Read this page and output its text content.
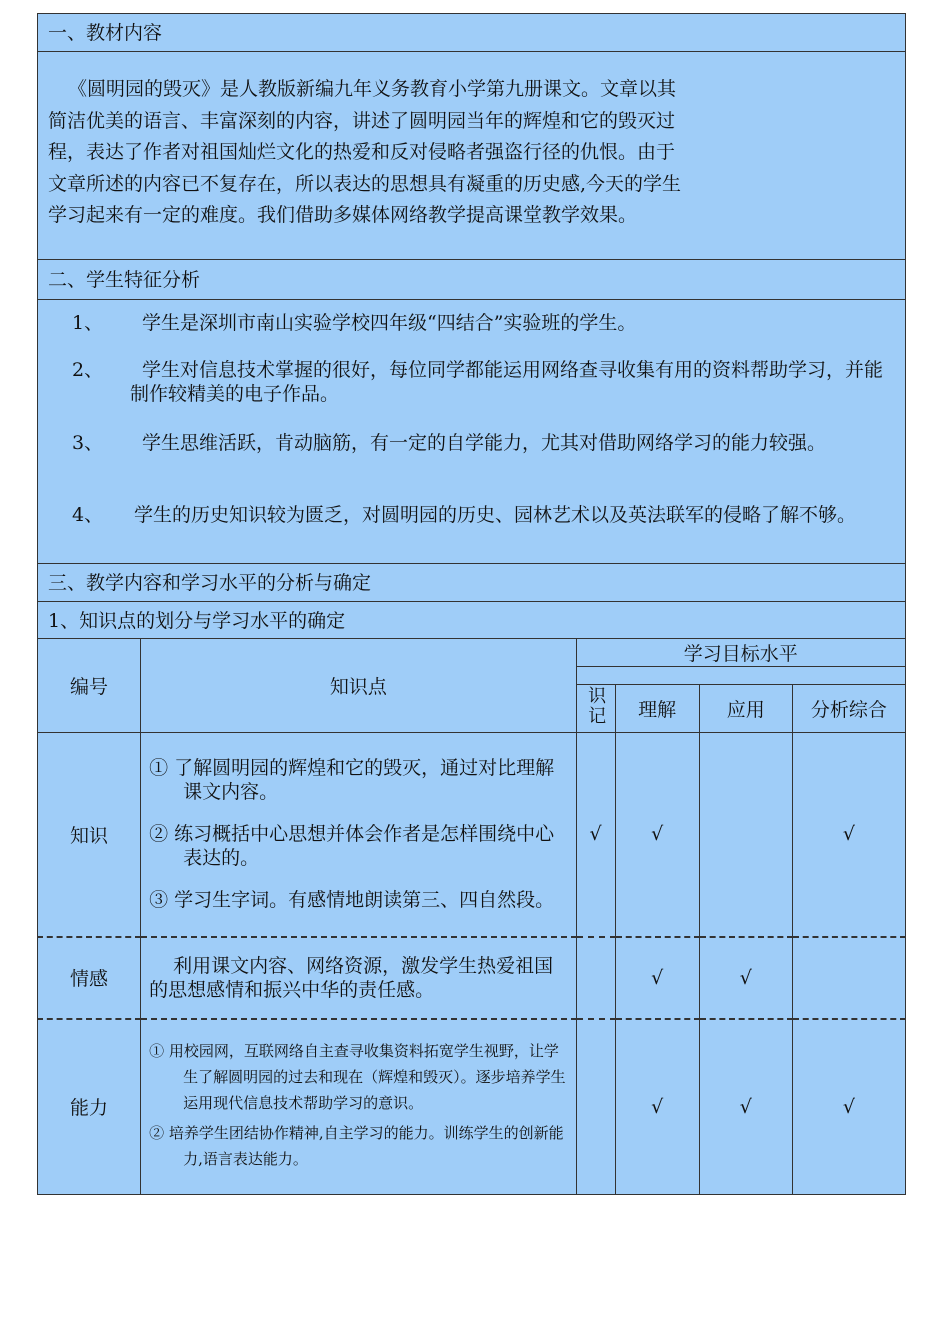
一、教材内容
《圆明园的毁灭》是人教版新编九年义务教育小学第九册课文。文章以其
简洁优美的语言、丰富深刻的内容，讲述了圆明园当年的辉煌和它的毁灭过
程，表达了作者对祖国灿烂文化的热爱和反对侵略者强盗行径的仇恨。由于
文章所述的内容已不复存在，所以表达的思想具有凝重的历史感,今天的学生
学习起来有一定的难度。我们借助多媒体网络教学提高课堂教学效果。
二、学生特征分析
1、 学生是深圳市南山实验学校四年级“四结合”实验班的学生。
2、	学生对信息技术掌握的很好，每位同学都能运用网络查寻收集有用的资料帮助学习，并能制作较精美的电子作品。
3、	学生思维活跃，肯动脑筋，有一定的自学能力，尤其对借助网络学习的能力较强。
4、 学生的历史知识较为匮乏，对圆明园的历史、园林艺术以及英法联军的侵略了解不够。
三、教学内容和学习水平的分析与确定
1、知识点的划分与学习水平的确定
编号	知识点	学习目标水平			

		识记	理解	应用	分析综合
知识	① 了解圆明园的辉煌和它的毁灭，通过对比理解课文内容。
② 练习概括中心思想并体会作者是怎样围绕中心表达的。
③ 学习生字词。有感情地朗读第三、四自然段。	√	√		√
情感	利用课文内容、网络资源，激发学生热爱祖国的思想感情和振兴中华的责任感。		√	√	
能力	① 用校园网，互联网络自主查寻收集资料拓宽学生视野，让学生了解圆明园的过去和现在（辉煌和毁灭）。逐步培养学生运用现代信息技术帮助学习的意识。
② 培养学生团结协作精神,自主学习的能力。训练学生的创新能力,语言表达能力。		√	√	√
